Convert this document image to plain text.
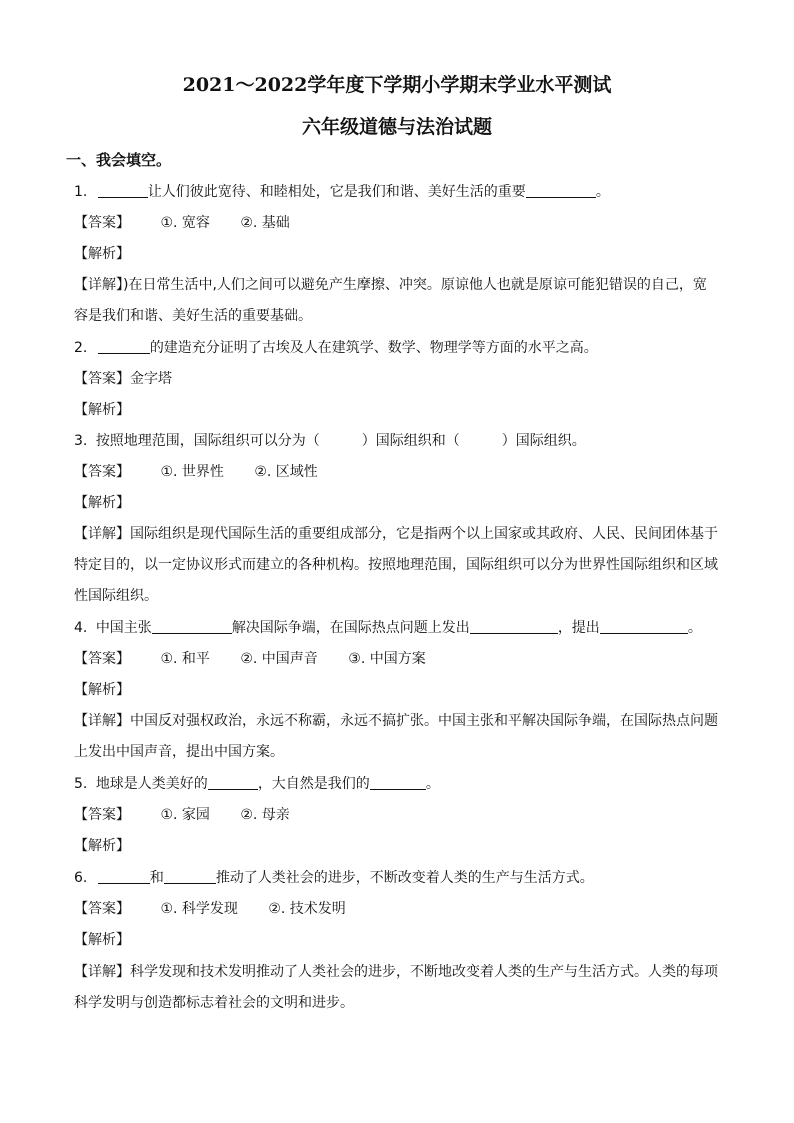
2021～2022学年度下学期小学期末学业水平测试
六年级道德与法治试题
一、我会填空。
1.	让人们彼此宽待、和睦相处，它是我们和谐、美好生活的重要	。
【答案】 ①. 宽容 ②. 基础
【解析】
【详解】)在日常生活中,人们之间可以避免产生摩擦、冲突。原谅他人也就是原谅可能犯错误的自己，宽
容是我们和谐、美好生活的重要基础。
2.	的建造充分证明了古埃及人在建筑学、数学、物理学等方面的水平之高。
【答案】金字塔
【解析】
3. 按照地理范围，国际组织可以分为（　　　）国际组织和（　　　）国际组织。
【答案】 ①. 世界性 ②. 区域性
【解析】
【详解】国际组织是现代国际生活的重要组成部分，它是指两个以上国家或其政府、人民、民间团体基于
特定目的，以一定协议形式而建立的各种机构。按照地理范围，国际组织可以分为世界性国际组织和区域
性国际组织。
4. 中国主张	解决国际争端，在国际热点问题上发出	，提出	。
【答案】 ①. 和平 ②. 中国声音 ③. 中国方案
【解析】
【详解】中国反对强权政治，永远不称霸，永远不搞扩张。中国主张和平解决国际争端，在国际热点问题
上发出中国声音，提出中国方案。
5. 地球是人类美好的	，大自然是我们的	。
【答案】 ①. 家园 ②. 母亲
【解析】
6.	和	推动了人类社会的进步，不断改变着人类的生产与生活方式。
【答案】 ①. 科学发现 ②. 技术发明
【解析】
【详解】科学发现和技术发明推动了人类社会的进步，不断地改变着人类的生产与生活方式。人类的每项
科学发明与创造都标志着社会的文明和进步。
